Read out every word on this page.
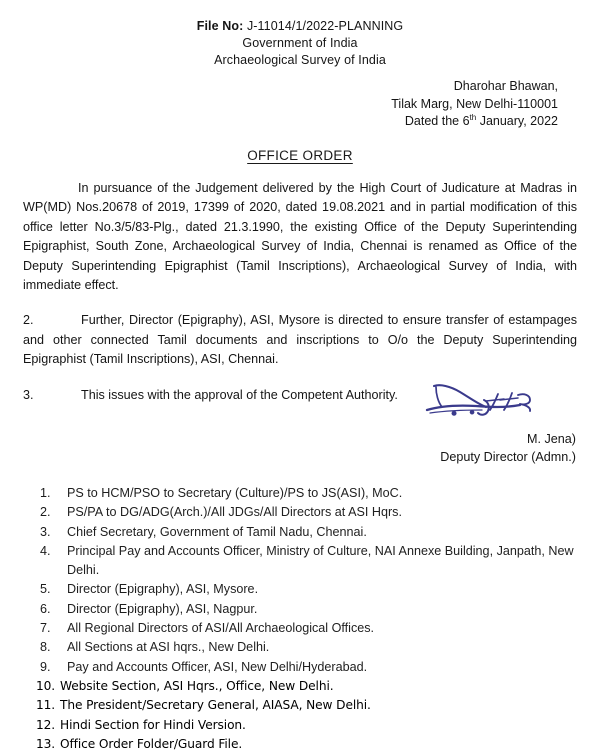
File No: J-11014/1/2022-PLANNING
Government of India
Archaeological Survey of India
Dharohar Bhawan,
Tilak Marg, New Delhi-110001
Dated the 6th January, 2022
OFFICE ORDER

In pursuance of the Judgement delivered by the High Court of Judicature at Madras in WP(MD) Nos.20678 of 2019, 17399 of 2020, dated 19.08.2021 and in partial modification of this office letter No.3/5/83-Plg., dated 21.3.1990, the existing Office of the Deputy Superintending Epigraphist, South Zone, Archaeological Survey of India, Chennai is renamed as Office of the Deputy Superintending Epigraphist (Tamil Inscriptions), Archaeological Survey of India, with immediate effect.

2.	Further, Director (Epigraphy), ASI, Mysore is directed to ensure transfer of estampages and other connected Tamil documents and inscriptions to O/o the Deputy Superintending Epigraphist (Tamil Inscriptions), ASI, Chennai.

3.	This issues with the approval of the Competent Authority.

M. Jena)
Deputy Director (Admn.)
1.	PS to HCM/PSO to Secretary (Culture)/PS to JS(ASI), MoC.
2.	PS/PA to DG/ADG(Arch.)/All JDGs/All Directors at ASI Hqrs.
3.	Chief Secretary, Government of Tamil Nadu, Chennai.
4.	Principal Pay and Accounts Officer, Ministry of Culture, NAI Annexe Building, Janpath, New Delhi.
5.	Director (Epigraphy), ASI, Mysore.
6.	Director (Epigraphy), ASI, Nagpur.
7.	All Regional Directors of ASI/All Archaeological Offices.
8.	All Sections at ASI hqrs., New Delhi.
9.	Pay and Accounts Officer, ASI, New Delhi/Hyderabad.
10. Website Section, ASI Hqrs., Office, New Delhi.
11. The President/Secretary General, AIASA, New Delhi.
12. Hindi Section for Hindi Version.
13. Office Order Folder/Guard File.
